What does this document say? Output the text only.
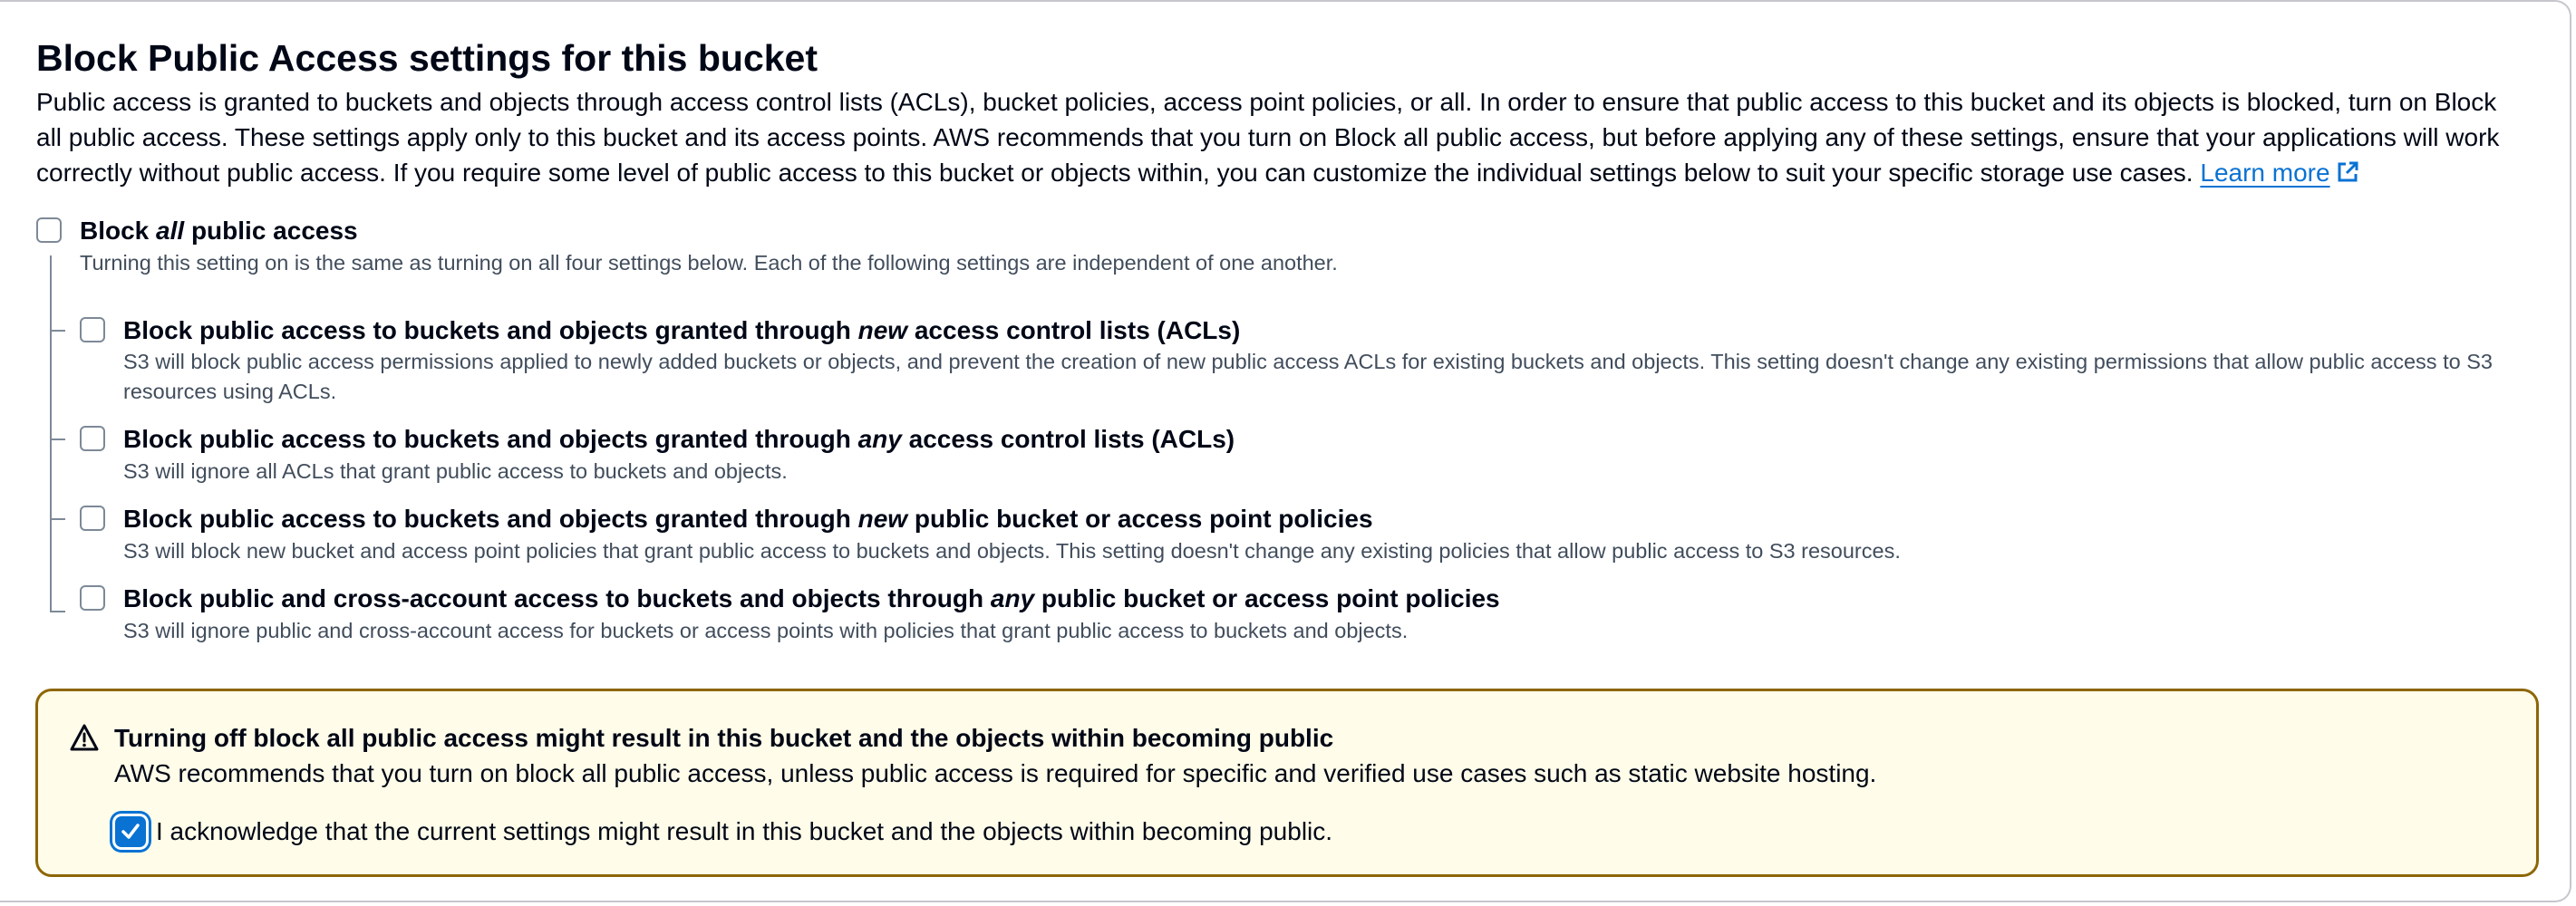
Block Public Access settings for this bucket
Public access is granted to buckets and objects through access control lists (ACLs), bucket policies, access point policies, or all. In order to ensure that public access to this bucket and its objects is blocked, turn on Block all public access. These settings apply only to this bucket and its access points. AWS recommends that you turn on Block all public access, but before applying any of these settings, ensure that your applications will work correctly without public access. If you require some level of public access to this bucket or objects within, you can customize the individual settings below to suit your specific storage use cases. Learn more
Block all public access
Turning this setting on is the same as turning on all four settings below. Each of the following settings are independent of one another.
Block public access to buckets and objects granted through new access control lists (ACLs)
S3 will block public access permissions applied to newly added buckets or objects, and prevent the creation of new public access ACLs for existing buckets and objects. This setting doesn't change any existing permissions that allow public access to S3 resources using ACLs.
Block public access to buckets and objects granted through any access control lists (ACLs)
S3 will ignore all ACLs that grant public access to buckets and objects.
Block public access to buckets and objects granted through new public bucket or access point policies
S3 will block new bucket and access point policies that grant public access to buckets and objects. This setting doesn't change any existing policies that allow public access to S3 resources.
Block public and cross-account access to buckets and objects through any public bucket or access point policies
S3 will ignore public and cross-account access for buckets or access points with policies that grant public access to buckets and objects.
Turning off block all public access might result in this bucket and the objects within becoming public
AWS recommends that you turn on block all public access, unless public access is required for specific and verified use cases such as static website hosting.
I acknowledge that the current settings might result in this bucket and the objects within becoming public.
